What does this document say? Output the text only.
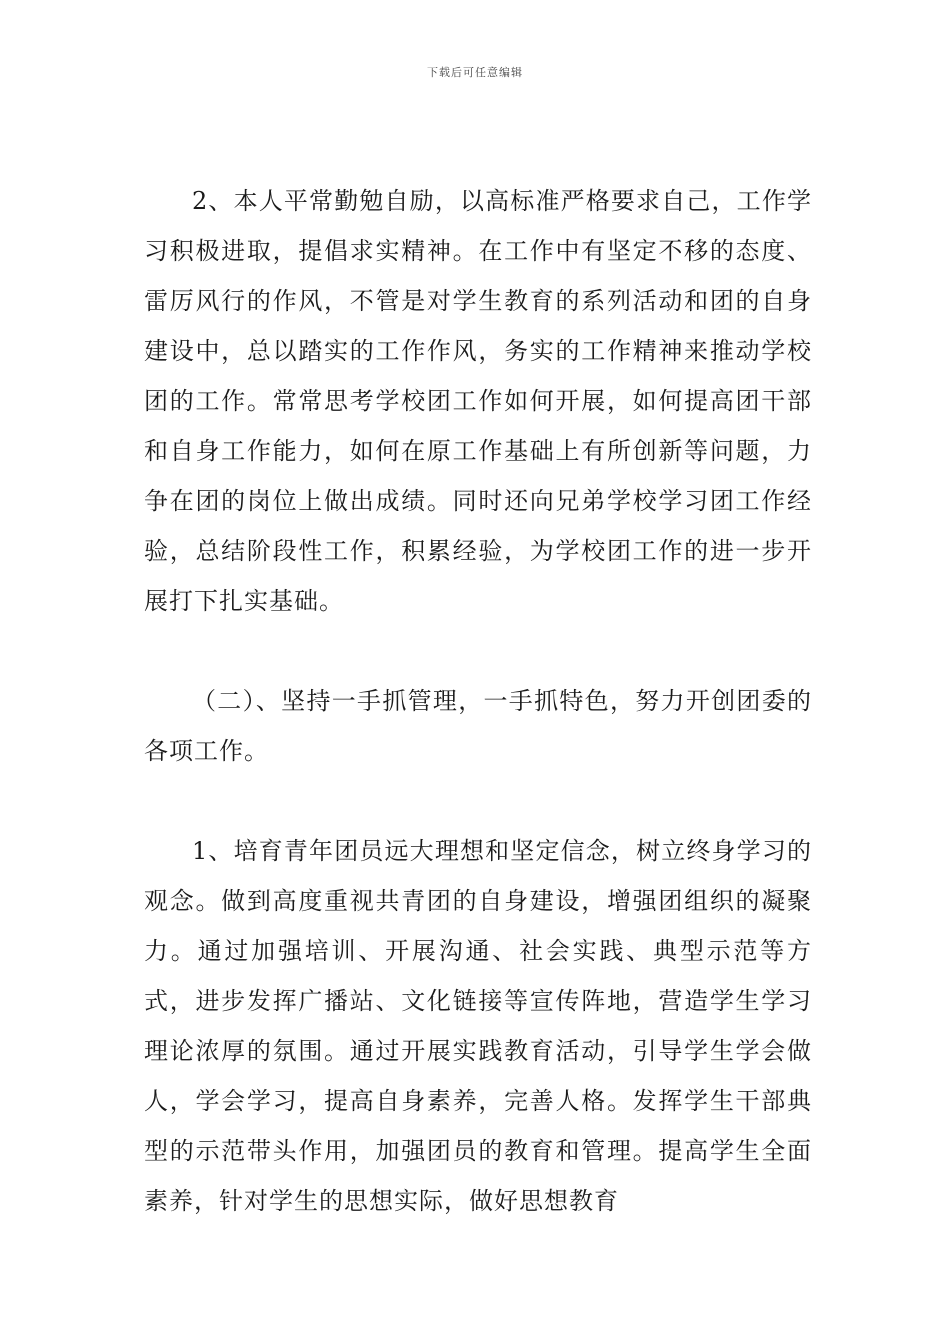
下载后可任意编辑
2、本人平常勤勉自励，以高标准严格要求自己，工作学习积极进取，提倡求实精神。在工作中有坚定不移的态度、雷厉风行的作风，不管是对学生教育的系列活动和团的自身建设中，总以踏实的工作作风，务实的工作精神来推动学校团的工作。常常思考学校团工作如何开展，如何提高团干部和自身工作能力，如何在原工作基础上有所创新等问题，力争在团的岗位上做出成绩。同时还向兄弟学校学习团工作经验，总结阶段性工作，积累经验，为学校团工作的进一步开展打下扎实基础。
（二）、坚持一手抓管理，一手抓特色，努力开创团委的各项工作。
1、培育青年团员远大理想和坚定信念，树立终身学习的观念。做到高度重视共青团的自身建设，增强团组织的凝聚力。通过加强培训、开展沟通、社会实践、典型示范等方式，进步发挥广播站、文化链接等宣传阵地，营造学生学习理论浓厚的氛围。通过开展实践教育活动，引导学生学会做人，学会学习，提高自身素养，完善人格。发挥学生干部典型的示范带头作用，加强团员的教育和管理。提高学生全面素养，针对学生的思想实际，做好思想教育
